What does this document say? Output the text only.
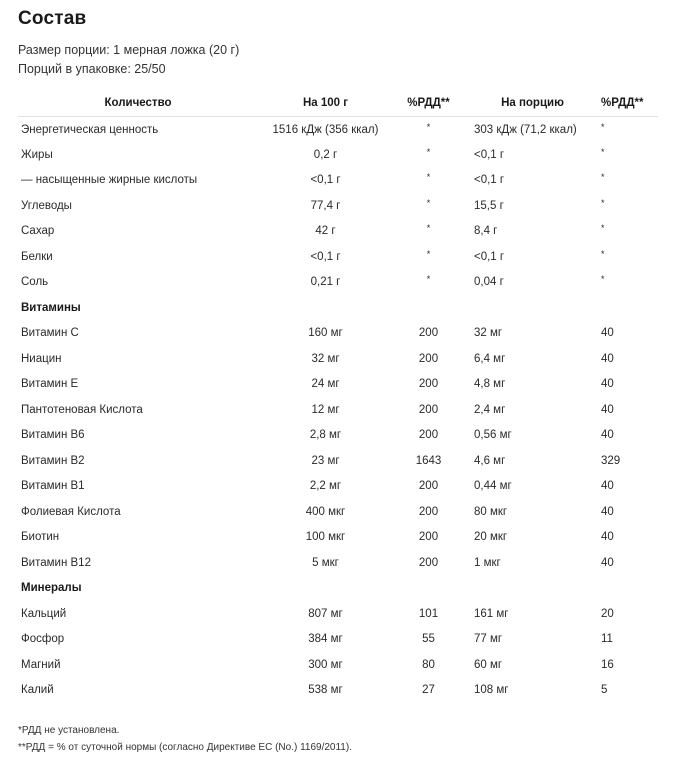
Состав
Размер порции: 1 мерная ложка (20 г)
Порций в упаковке: 25/50
Количество	На 100 г	%РДД**	На порцию	%РДД**
Энергетическая ценность	1516 кДж (356 ккал)	*	303 кДж (71,2 ккал)	*
Жиры	0,2 г	*	<0,1 г	*
— насыщенные жирные кислоты	<0,1 г	*	<0,1 г	*
Углеводы	77,4 г	*	15,5 г	*
Сахар	42 г	*	8,4 г	*
Белки	<0,1 г	*	<0,1 г	*
Соль	0,21 г	*	0,04 г	*
Витамины				
Витамин C	160 мг	200	32 мг	40
Ниацин	32 мг	200	6,4 мг	40
Витамин E	24 мг	200	4,8 мг	40
Пантотеновая Кислота	12 мг	200	2,4 мг	40
Витамин B6	2,8 мг	200	0,56 мг	40
Витамин B2	23 мг	1643	4,6 мг	329
Витамин B1	2,2 мг	200	0,44 мг	40
Фолиевая Кислота	400 мкг	200	80 мкг	40
Биотин	100 мкг	200	20 мкг	40
Витамин B12	5 мкг	200	1 мкг	40
Минералы				
Кальций	807 мг	101	161 мг	20
Фосфор	384 мг	55	77 мг	11
Магний	300 мг	80	60 мг	16
Калий	538 мг	27	108 мг	5
*РДД не установлена.
**РДД = % от суточной нормы (согласно Директиве ЕС (No.) 1169/2011).
